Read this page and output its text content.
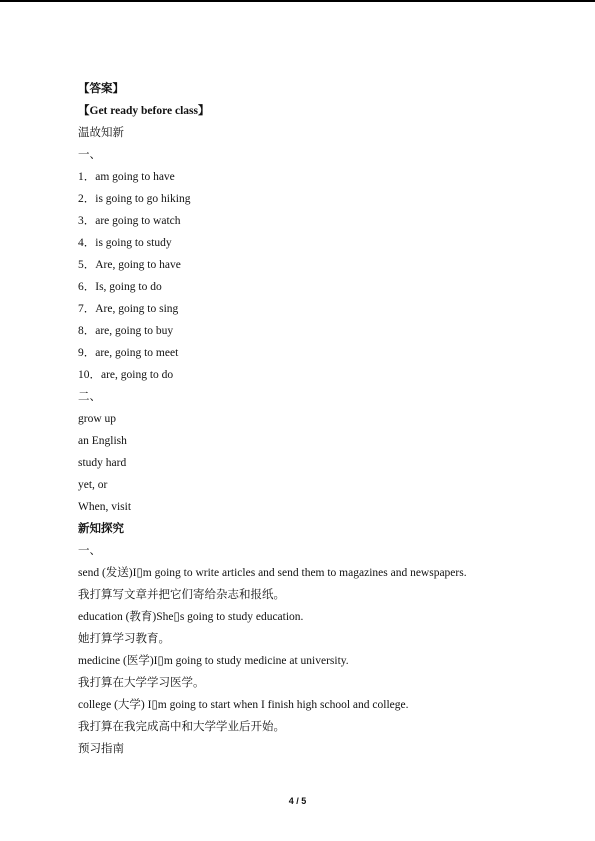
【答案】
【Get ready before class】
温故知新
一、
1．am going to have
2．is going to go hiking
3．are going to watch
4．is going to study
5．Are, going to have
6．Is, going to do
7．Are, going to sing
8．are, going to buy
9．are, going to meet
10．are, going to do
二、
grow up
an English
study hard
yet, or
When, visit
新知探究
一、
send (发送)I▯m going to write articles and send them to magazines and newspapers.
我打算写文章并把它们寄给杂志和报纸。
education (教育)She▯s going to study education.
她打算学习教育。
medicine (医学)I▯m going to study medicine at university.
我打算在大学学习医学。
college (大学) I▯m going to start when I finish high school and college.
我打算在我完成高中和大学学业后开始。
预习指南
4 / 5
